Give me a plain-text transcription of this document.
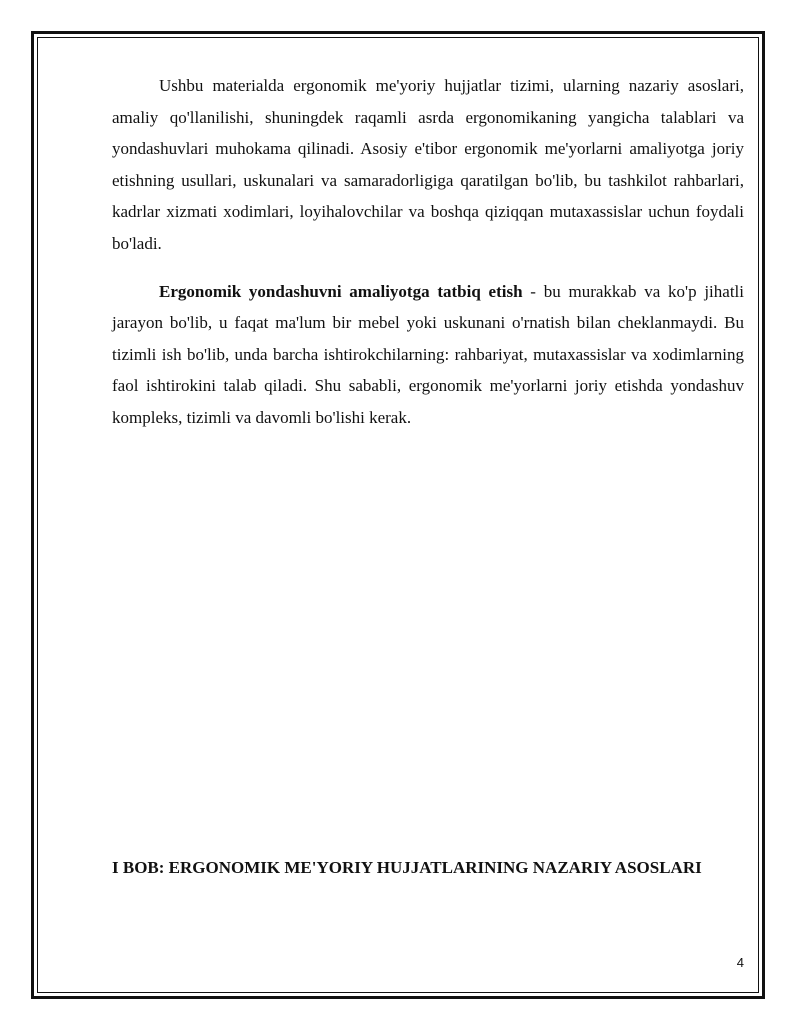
Ushbu materialda ergonomik me'yoriy hujjatlar tizimi, ularning nazariy asoslari, amaliy qo'llanilishi, shuningdek raqamli asrda ergonomikaning yangicha talablari va yondashuvlari muhokama qilinadi. Asosiy e'tibor ergonomik me'yorlarni amaliyotga joriy etishning usullari, uskunalari va samaradorligiga qaratilgan bo'lib, bu tashkilot rahbarlari, kadrlar xizmati xodimlari, loyihalovchilar va boshqa qiziqqan mutaxassislar uchun foydali bo'ladi.

Ergonomik yondashuvni amaliyotga tatbiq etish - bu murakkab va ko'p jihatli jarayon bo'lib, u faqat ma'lum bir mebel yoki uskunani o'rnatish bilan cheklanmaydi. Bu tizimli ish bo'lib, unda barcha ishtirokchilarning: rahbariyat, mutaxassislar va xodimlarning faol ishtirokini talab qiladi. Shu sababli, ergonomik me'yorlarni joriy etishda yondashuv kompleks, tizimli va davomli bo'lishi kerak.

I BOB: ERGONOMIK ME'YORIY HUJJATLARINING NAZARIY ASOSLARI

4
